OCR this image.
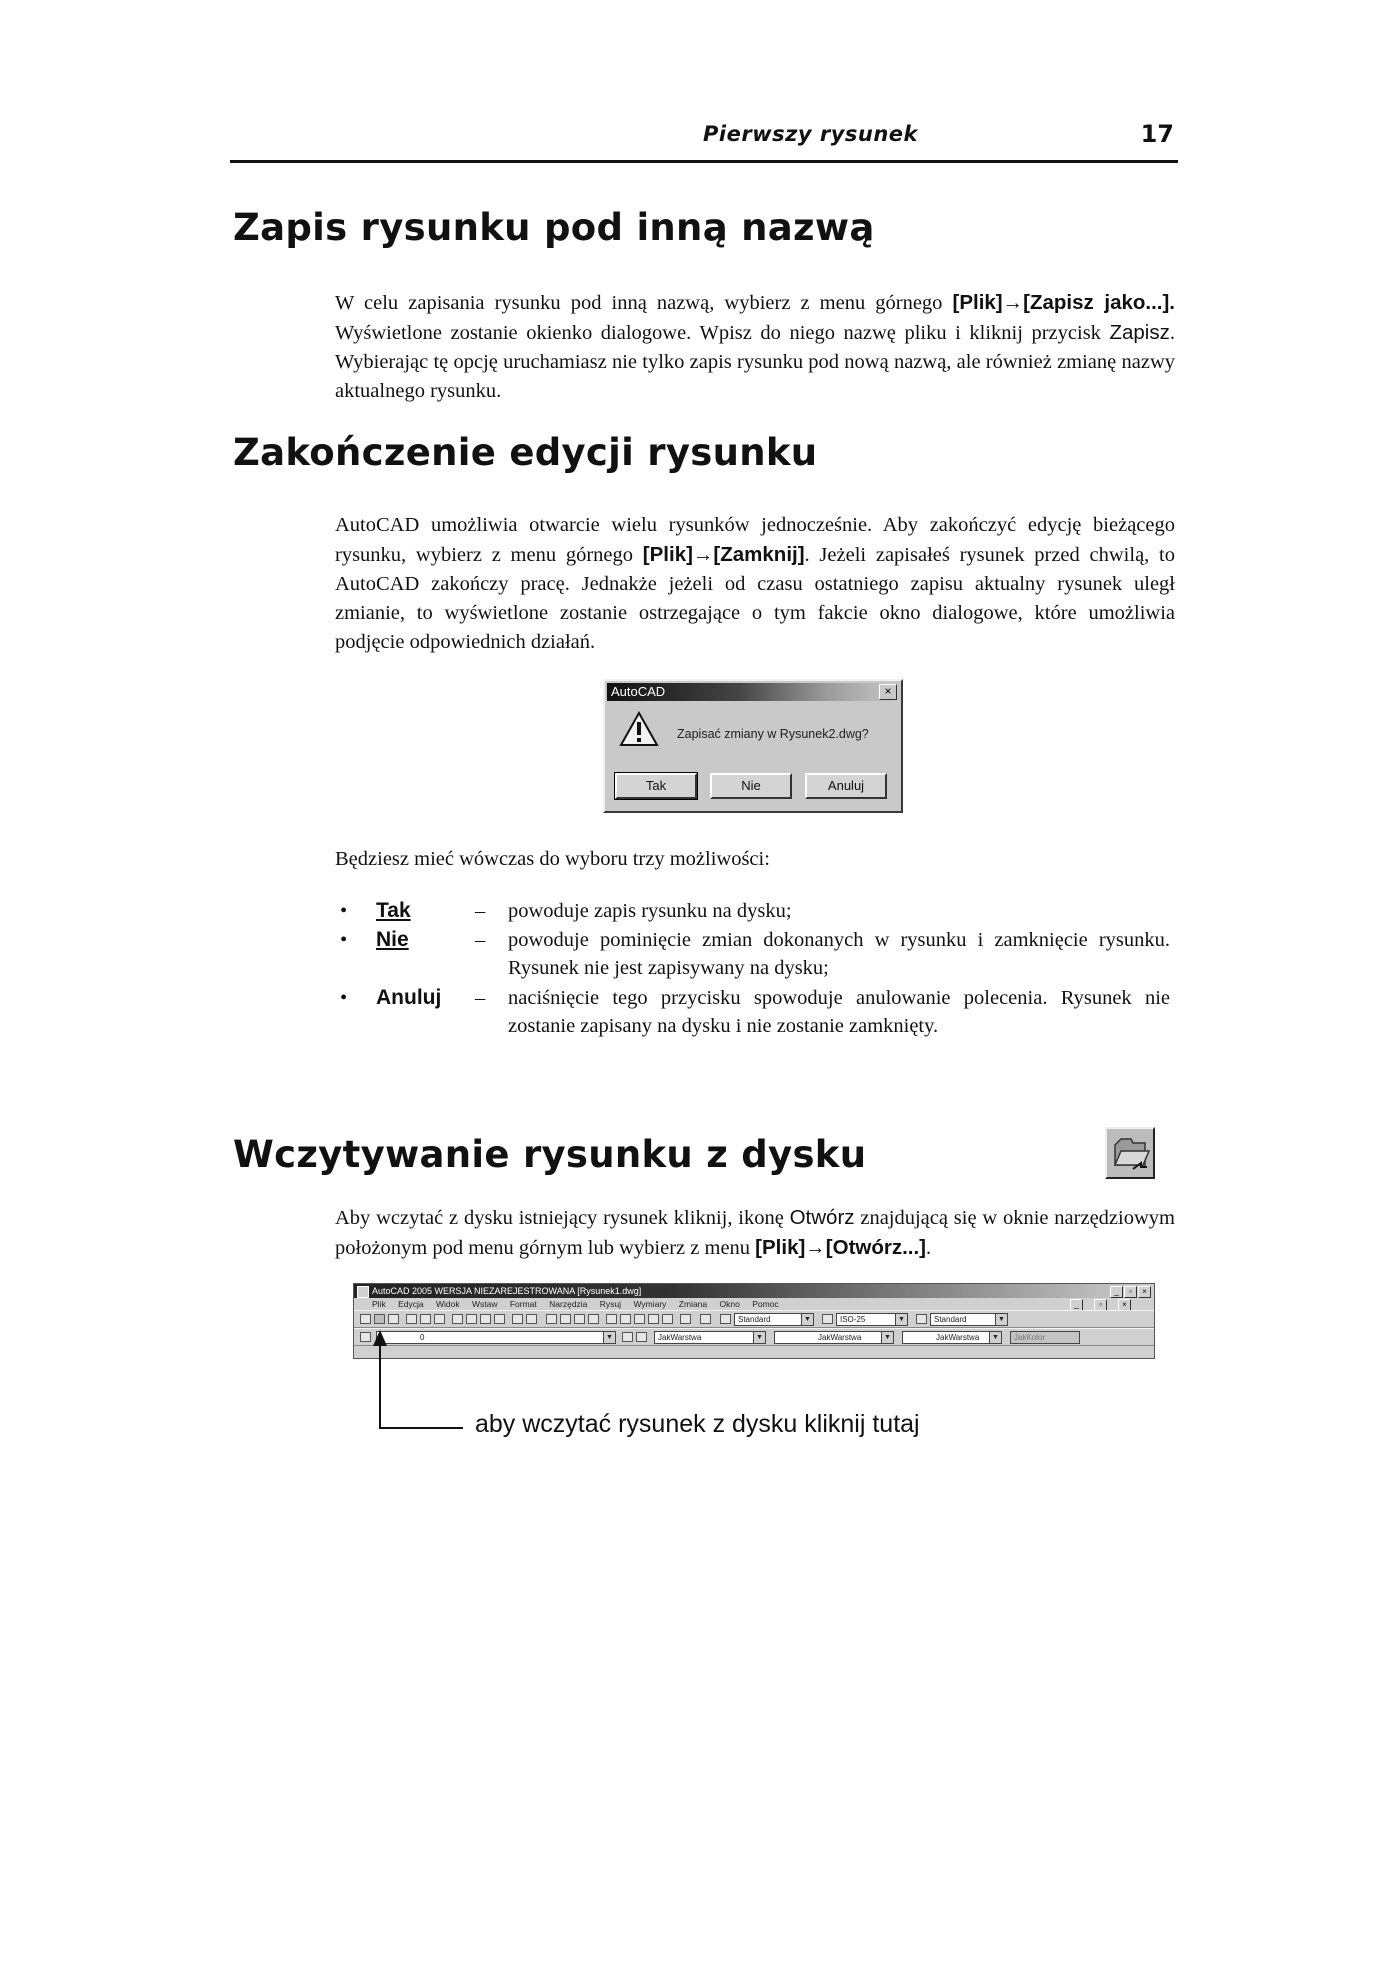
Pierwszy rysunek	17
Zapis rysunku pod inną nazwą

W celu zapisania rysunku pod inną nazwą, wybierz z menu górnego [Plik]→[Zapisz jako...]. Wyświetlone zostanie okienko dialogowe. Wpisz do niego nazwę pliku i kliknij przycisk Zapisz. Wybierając tę opcję uruchamiasz nie tylko zapis rysunku pod nową nazwą, ale również zmianę nazwy aktualnego rysunku.

Zakończenie edycji rysunku

AutoCAD umożliwia otwarcie wielu rysunków jednocześnie. Aby zakończyć edycję bieżącego rysunku, wybierz z menu górnego [Plik]→[Zamknij]. Jeżeli zapisałeś rysunek przed chwilą, to AutoCAD zakończy pracę. Jednakże jeżeli od czasu ostatniego zapisu aktualny rysunek uległ zmianie, to wyświetlone zostanie ostrzegające o tym fakcie okno dialogowe, które umożliwia podjęcie odpowiednich działań.

AutoCAD	×
Zapisać zmiany w Rysunek2.dwg?
Tak	Nie	Anuluj

Będziesz mieć wówczas do wyboru trzy możliwości:

• Tak	– powoduje zapis rysunku na dysku;
• Nie	– powoduje pominięcie zmian dokonanych w rysunku i zamknięcie rysunku. Rysunek nie jest zapisywany na dysku;
• Anuluj – naciśnięcie tego przycisku spowoduje anulowanie polecenia. Rysunek nie zostanie zapisany na dysku i nie zostanie zamknięty.
Wczytywanie rysunku z dysku

Aby wczytać z dysku istniejący rysunek kliknij, ikonę Otwórz znajdującą się w oknie narzędziowym położonym pod menu górnym lub wybierz z menu [Plik]→[Otwórz...].

AutoCAD 2005 WERSJA NIEZAREJESTROWANA [Rysunek1.dwg]	_	▫	×
Plik Edycja Widok Wstaw Format Narzędzia Rysuj Wymiary Zmiana Okno Pomoc	_	▫	×
Standard	▼	ISO-25	▼	Standard	▼
0	▼	JakWarstwa	▼	JakWarstwa	▼	JakWarstwa	▼	JakKolor
aby wczytać rysunek z dysku kliknij tutaj
